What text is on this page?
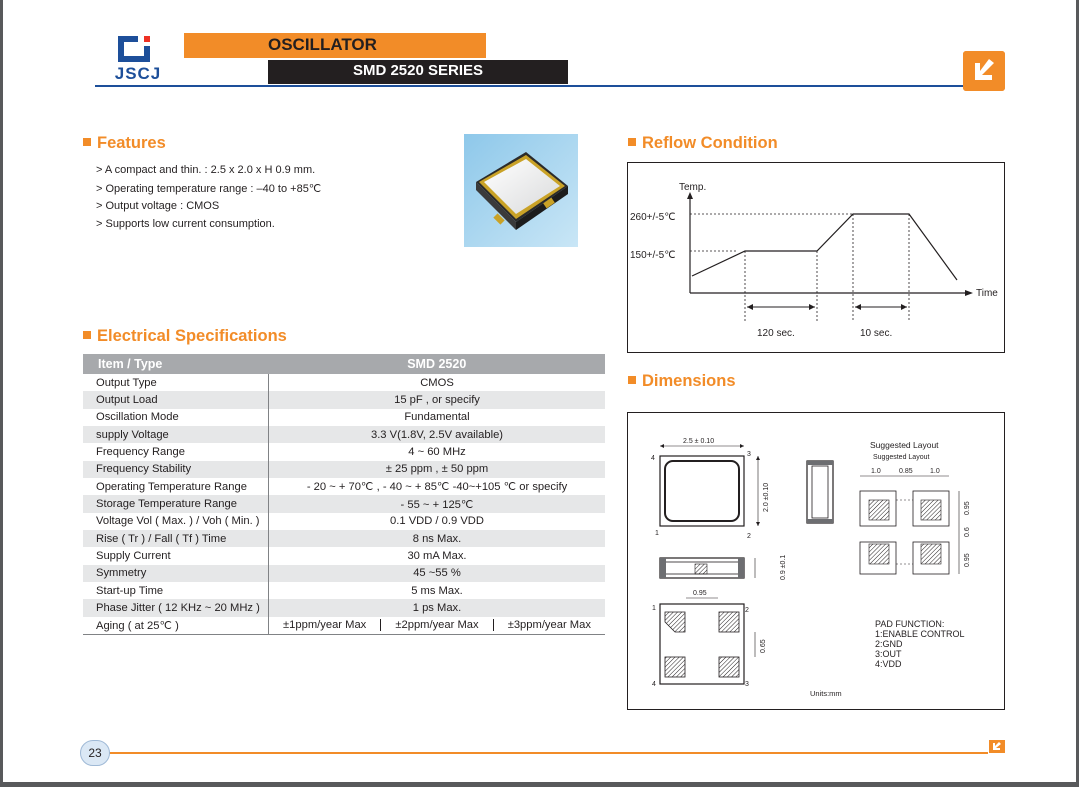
JSCJ
OSCILLATOR
SMD 2520 SERIES
Features
> A compact and thin. : 2.5 x 2.0 x H 0.9 mm.
> Operating temperature range : –40 to +85℃
> Output voltage : CMOS
> Supports low current consumption.
Electrical Specifications
Item / Type	SMD 2520
Output Type	CMOS
Output Load	15 pF , or specify
Oscillation Mode	Fundamental
supply Voltage	3.3 V(1.8V, 2.5V available)
Frequency Range	4 ~ 60 MHz
Frequency Stability	± 25 ppm , ± 50 ppm
Operating Temperature Range	- 20 ~ + 70℃ , - 40 ~ + 85℃ -40~+105 ℃ or specify
Storage Temperature Range	- 55 ~ + 125℃
Voltage Vol ( Max. ) / Voh ( Min. )	0.1 VDD / 0.9 VDD
Rise ( Tr ) / Fall ( Tf ) Time	8 ns Max.
Supply Current	30 mA Max.
Symmetry	45 ~55 %
Start-up Time	5 ms Max.
Phase Jitter ( 12 KHz ~ 20 MHz )	1 ps Max.
Aging ( at 25℃ )	±1ppm/year Max ±2ppm/year Max ±3ppm/year Max
Reflow Condition
Temp.
Time
260+/-5℃
150+/-5℃
120 sec.	10 sec.
Dimensions
2.5 ± 0.10
4
3
1	2
2.0 ±0.10
0.9 ±0.1
0.95
1	2
4	3
0.65
Suggested Layout
Suggested Layout
1.0	0.85 1.0
0.95
0.6
0.95
PAD FUNCTION:
1:ENABLE CONTROL
2:GND
3:OUT
4:VDD
Units:mm
23
